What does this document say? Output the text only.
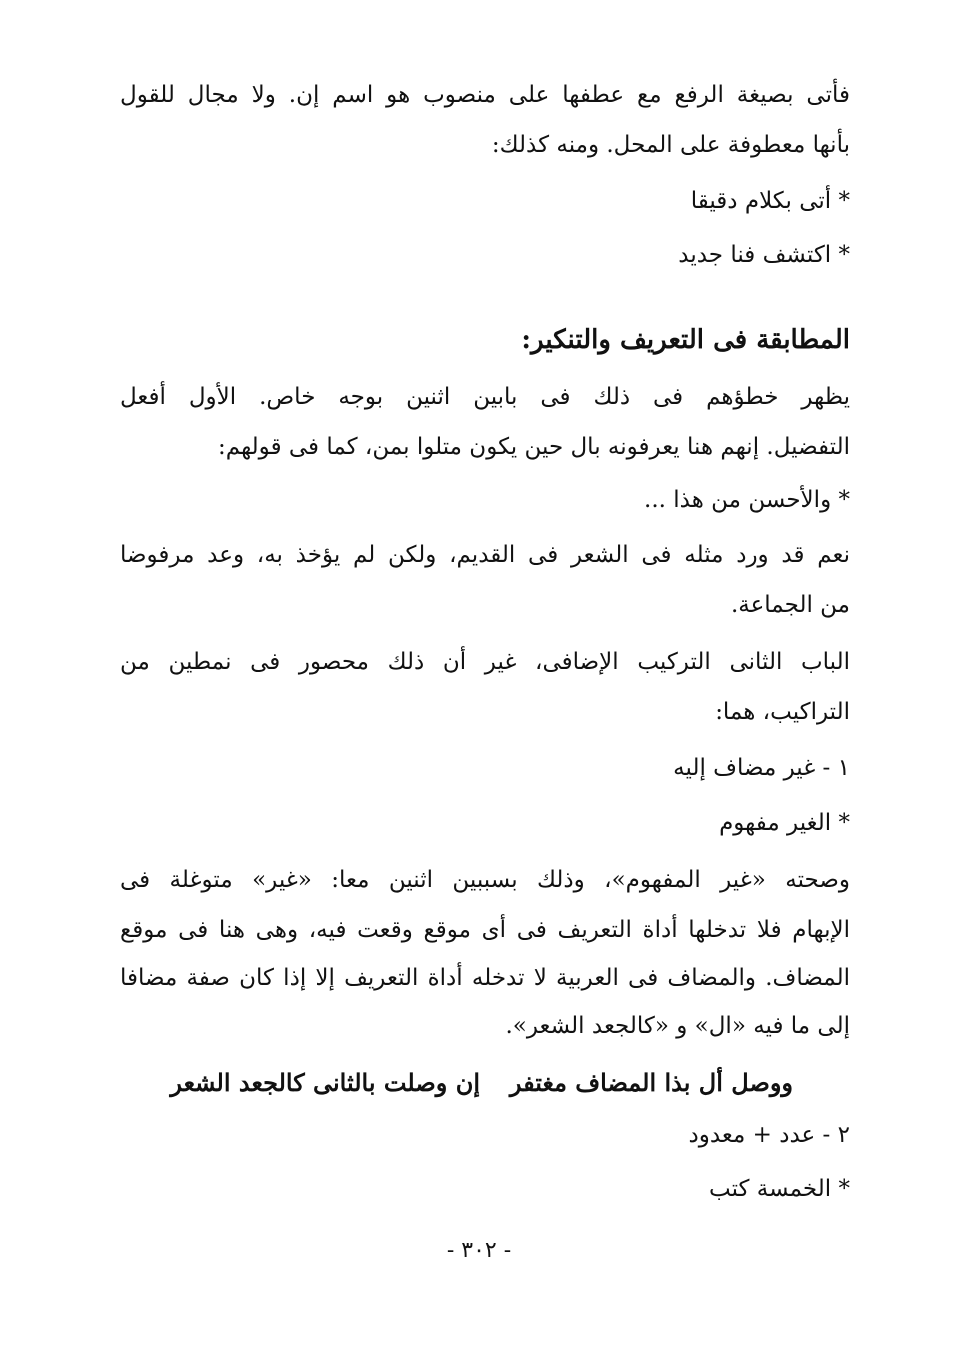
فأتى بصيغة الرفع مع عطفها على منصوب هو اسم إن. ولا مجال للقول
بأنها معطوفة على المحل. ومنه كذلك:
* أتى بكلام دقيقا
* اكتشف فنا جديد
المطابقة فى التعريف والتنكير:
يظهر خطؤهم فى ذلك فى بابين اثنين بوجه خاص. الأول أفعل
التفضيل. إنهم هنا يعرفونه بال حين يكون متلوا بمن، كما فى قولهم:
* والأحسن من هذا ...
نعم قد ورد مثله فى الشعر فى القديم، ولكن لم يؤخذ به، وعد مرفوضا
من الجماعة.
الباب الثانى التركيب الإضافى، غير أن ذلك محصور فى نمطين من
التراكيب، هما:
١ - غير مضاف إليه
* الغير مفهوم
وصحته «غير المفهوم»، وذلك بسببين اثنين معا: «غير» متوغلة فى
الإبهام فلا تدخلها أداة التعريف فى أى موقع وقعت فيه، وهى هنا فى موقع
المضاف. والمضاف فى العربية لا تدخله أداة التعريف إلا إذا كان صفة مضافا
إلى ما فيه «ال» و «كالجعد الشعر».
ووصل أل بذا المضاف مغتفر
إن وصلت بالثانى كالجعد الشعر
٢ - عدد + معدود
* الخمسة كتب
- ٣٠٢ -
